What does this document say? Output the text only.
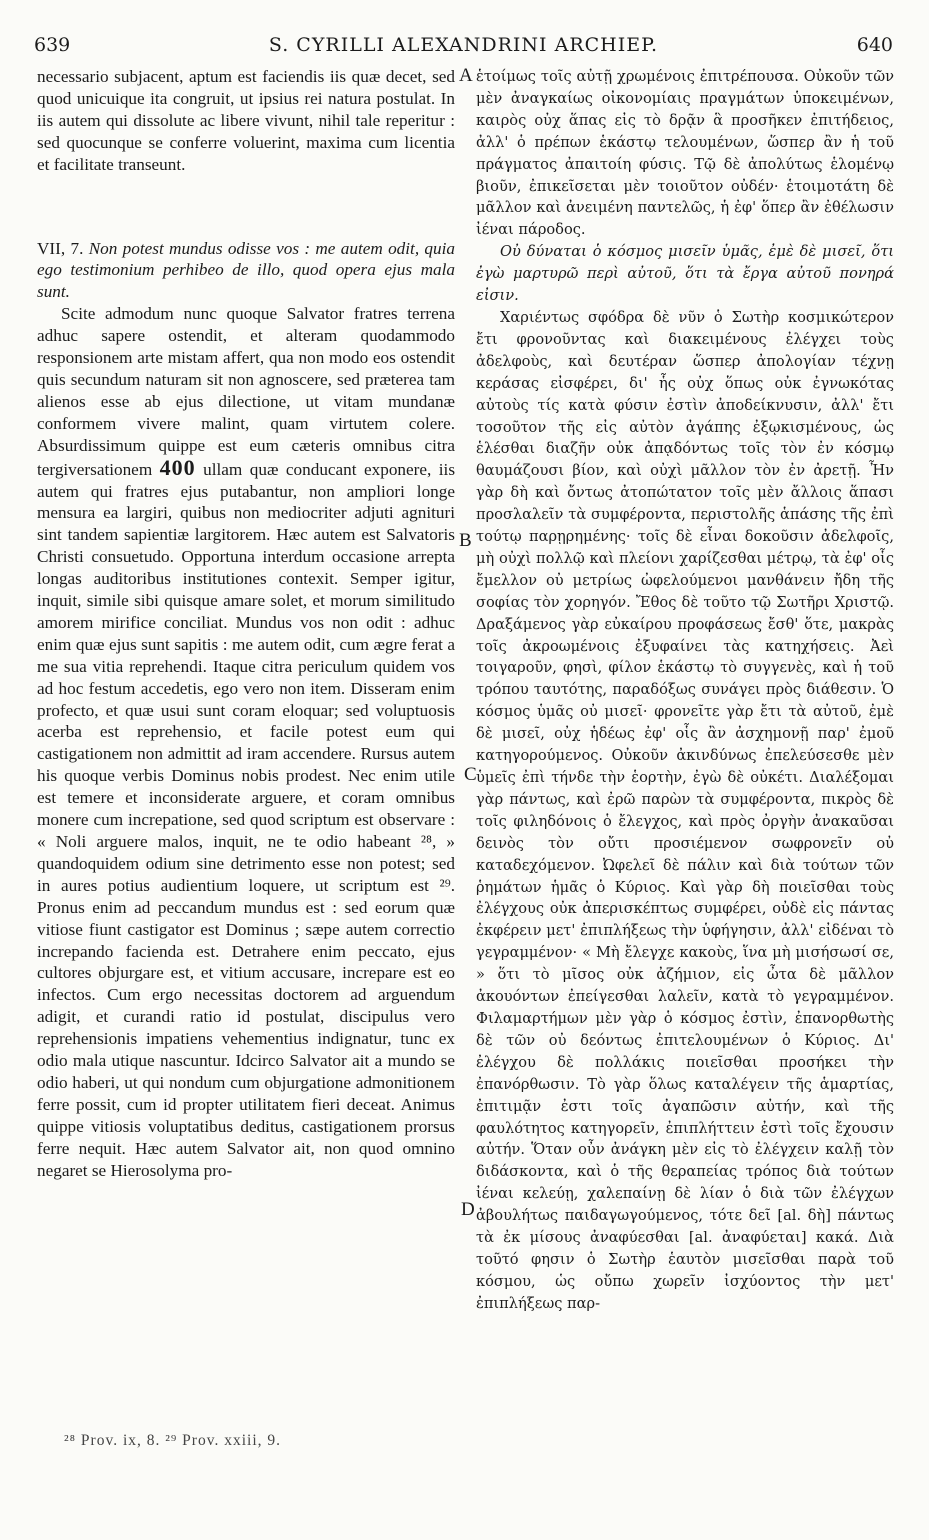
639	S. CYRILLI ALEXANDRINI ARCHIEP.	640
A
B
C
D

necessario subjacent, aptum est faciendis iis quæ decet, sed quod unicuique ita congruit, ut ipsius rei natura postulat. In iis autem qui dissolute ac libere vivunt, nihil tale reperitur : sed quocunque se conferre voluerint, maxima cum licentia et facilitate transeunt.

VII, 7. Non potest mundus odisse vos : me autem odit, quia ego testimonium perhibeo de illo, quod opera ejus mala sunt.

Scite admodum nunc quoque Salvator fratres terrena adhuc sapere ostendit, et alteram quodammodo responsionem arte mistam affert, qua non modo eos ostendit quis secundum naturam sit non agnoscere, sed præterea tam alienos esse ab ejus dilectione, ut vitam mundanæ conformem vivere malint, quam virtutem colere. Absurdissimum quippe est eum cæteris omnibus citra tergiversationem 400 ullam quæ conducant exponere, iis autem qui fratres ejus putabantur, non ampliori longe mensura ea largiri, quibus non mediocriter adjuti agnituri sint tandem sapientiæ largitorem. Hæc autem est Salvatoris Christi consuetudo. Opportuna interdum occasione arrepta longas auditoribus institutiones contexit. Semper igitur, inquit, simile sibi quisque amare solet, et morum similitudo amorem mirifice conciliat. Mundus vos non odit : adhuc enim quæ ejus sunt sapitis : me autem odit, cum ægre ferat a me sua vitia reprehendi. Itaque citra periculum quidem vos ad hoc festum accedetis, ego vero non item. Disseram enim profecto, et quæ usui sunt coram eloquar; sed voluptuosis acerba est reprehensio, et facile potest eum qui castigationem non admittit ad iram accendere. Rursus autem his quoque verbis Dominus nobis prodest. Nec enim utile est temere et inconsiderate arguere, et coram omnibus monere cum increpatione, sed quod scriptum est observare : « Noli arguere malos, inquit, ne te odio habeant ²⁸, » quandoquidem odium sine detrimento esse non potest; sed in aures potius audientium loquere, ut scriptum est ²⁹. Pronus enim ad peccandum mundus est : sed eorum quæ vitiose fiunt castigator est Dominus ; sæpe autem correctio increpando facienda est. Detrahere enim peccato, ejus cultores objurgare est, et vitium accusare, increpare est eo infectos. Cum ergo necessitas doctorem ad arguendum adigit, et curandi ratio id postulat, discipulus vero reprehensionis impatiens vehementius indignatur, tunc ex odio mala utique nascuntur. Idcirco Salvator ait a mundo se odio haberi, ut qui nondum cum objurgatione admonitionem ferre possit, cum id propter utilitatem fieri deceat. Animus quippe vitiosis voluptatibus deditus, castigationem prorsus ferre nequit. Hæc autem Salvator ait, non quod omnino negaret se Hierosolyma pro-

ἑτοίμως τοῖς αὐτῇ χρωμένοις ἐπιτρέπουσα. Οὐκοῦν τῶν μὲν ἀναγκαίως οἰκονομίαις πραγμάτων ὑποκειμένων, καιρὸς οὐχ ἅπας εἰς τὸ δρᾷν ἃ προσῆκεν ἐπιτήδειος, ἀλλ' ὁ πρέπων ἑκάστῳ τελουμένων, ὥσπερ ἂν ἡ τοῦ πράγματος ἀπαιτοίη φύσις. Τῷ δὲ ἀπολύτως ἑλομένῳ βιοῦν, ἐπικεῖσεται μὲν τοιοῦτον οὐδέν· ἑτοιμοτάτη δὲ μᾶλλον καὶ ἀνειμένη παντελῶς, ἡ ἐφ' ὅπερ ἂν ἐθέλωσιν ἰέναι πάροδος.

Οὐ δύναται ὁ κόσμος μισεῖν ὑμᾶς, ἐμὲ δὲ μισεῖ, ὅτι ἐγὼ μαρτυρῶ περὶ αὐτοῦ, ὅτι τὰ ἔργα αὐτοῦ πονηρά εἰσιν.

Χαριέντως σφόδρα δὲ νῦν ὁ Σωτὴρ κοσμικώτερον ἔτι φρονοῦντας καὶ διακειμένους ἐλέγχει τοὺς ἀδελφοὺς, καὶ δευτέραν ὥσπερ ἀπολογίαν τέχνῃ κεράσας εἰσφέρει, δι' ἧς οὐχ ὅπως οὐκ ἐγνωκότας αὐτοὺς τίς κατὰ φύσιν ἐστὶν ἀποδείκνυσιν, ἀλλ' ἔτι τοσοῦτον τῆς εἰς αὐτὸν ἀγάπης ἐξῳκισμένους, ὡς ἑλέσθαι διαζῆν οὐκ ἀπᾳδόντως τοῖς τὸν ἐν κόσμῳ θαυμάζουσι βίον, καὶ οὐχὶ μᾶλλον τὸν ἐν ἀρετῇ. Ἦν γὰρ δὴ καὶ ὄντως ἀτοπώτατον τοῖς μὲν ἄλλοις ἅπασι προσλαλεῖν τὰ συμφέροντα, περιστολῆς ἁπάσης τῆς ἐπὶ τούτῳ παρῃρημένης· τοῖς δὲ εἶναι δοκοῦσιν ἀδελφοῖς, μὴ οὐχὶ πολλῷ καὶ πλείονι χαρίζεσθαι μέτρῳ, τὰ ἐφ' οἷς ἔμελλον οὐ μετρίως ὠφελούμενοι μανθάνειν ἤδη τῆς σοφίας τὸν χορηγόν. Ἔθος δὲ τοῦτο τῷ Σωτῆρι Χριστῷ. Δραξάμενος γὰρ εὐκαίρου προφάσεως ἔσθ' ὅτε, μακρὰς τοῖς ἀκροωμένοις ἐξυφαίνει τὰς κατηχήσεις. Ἀεὶ τοιγαροῦν, φησὶ, φίλον ἑκάστῳ τὸ συγγενὲς, καὶ ἡ τοῦ τρόπου ταυτότης, παραδόξως συνάγει πρὸς διάθεσιν. Ὁ κόσμος ὑμᾶς οὐ μισεῖ· φρονεῖτε γὰρ ἔτι τὰ αὐτοῦ, ἐμὲ δὲ μισεῖ, οὐχ ἡδέως ἐφ' οἷς ἂν ἀσχημονῇ παρ' ἐμοῦ κατηγορούμενος. Οὐκοῦν ἀκινδύνως ἐπελεύσεσθε μὲν ὑμεῖς ἐπὶ τήνδε τὴν ἑορτὴν, ἐγὼ δὲ οὐκέτι. Διαλέξομαι γὰρ πάντως, καὶ ἐρῶ παρὼν τὰ συμφέροντα, πικρὸς δὲ τοῖς φιληδόνοις ὁ ἔλεγχος, καὶ πρὸς ὀργὴν ἀνακαῦσαι δεινὸς τὸν οὔτι προσιέμενον σωφρονεῖν οὐ καταδεχόμενον. Ὠφελεῖ δὲ πάλιν καὶ διὰ τούτων τῶν ῥημάτων ἡμᾶς ὁ Κύριος. Καὶ γὰρ δὴ ποιεῖσθαι τοὺς ἐλέγχους οὐκ ἀπερισκέπτως συμφέρει, οὐδὲ εἰς πάντας ἐκφέρειν μετ' ἐπιπλήξεως τὴν ὑφήγησιν, ἀλλ' εἰδέναι τὸ γεγραμμένον· « Μὴ ἔλεγχε κακοὺς, ἵνα μὴ μισήσωσί σε, » ὅτι τὸ μῖσος οὐκ ἀζήμιον, εἰς ὦτα δὲ μᾶλλον ἀκουόντων ἐπείγεσθαι λαλεῖν, κατὰ τὸ γεγραμμένον. Φιλαμαρτήμων μὲν γὰρ ὁ κόσμος ἐστὶν, ἐπανορθωτὴς δὲ τῶν οὐ δεόντως ἐπιτελουμένων ὁ Κύριος. Δι' ἐλέγχου δὲ πολλάκις ποιεῖσθαι προσήκει τὴν ἐπανόρθωσιν. Τὸ γὰρ ὅλως καταλέγειν τῆς ἁμαρτίας, ἐπιτιμᾷν ἐστι τοῖς ἀγαπῶσιν αὐτήν, καὶ τῆς φαυλότητος κατηγορεῖν, ἐπιπλήττειν ἐστὶ τοῖς ἔχουσιν αὐτήν. Ὅταν οὖν ἀνάγκη μὲν εἰς τὸ ἐλέγχειν καλῇ τὸν διδάσκοντα, καὶ ὁ τῆς θεραπείας τρόπος διὰ τούτων ἰέναι κελεύῃ, χαλεπαίνῃ δὲ λίαν ὁ διὰ τῶν ἐλέγχων ἀβουλήτως παιδαγωγούμενος, τότε δεῖ [al. δὴ] πάντως τὰ ἐκ μίσους ἀναφύεσθαι [al. ἀναφύεται] κακά. Διὰ τοῦτό φησιν ὁ Σωτὴρ ἑαυτὸν μισεῖσθαι παρὰ τοῦ κόσμου, ὡς οὔπω χωρεῖν ἰσχύοντος τὴν μετ' ἐπιπλήξεως παρ-

²⁸ Prov. ix, 8. ²⁹ Prov. xxiii, 9.
